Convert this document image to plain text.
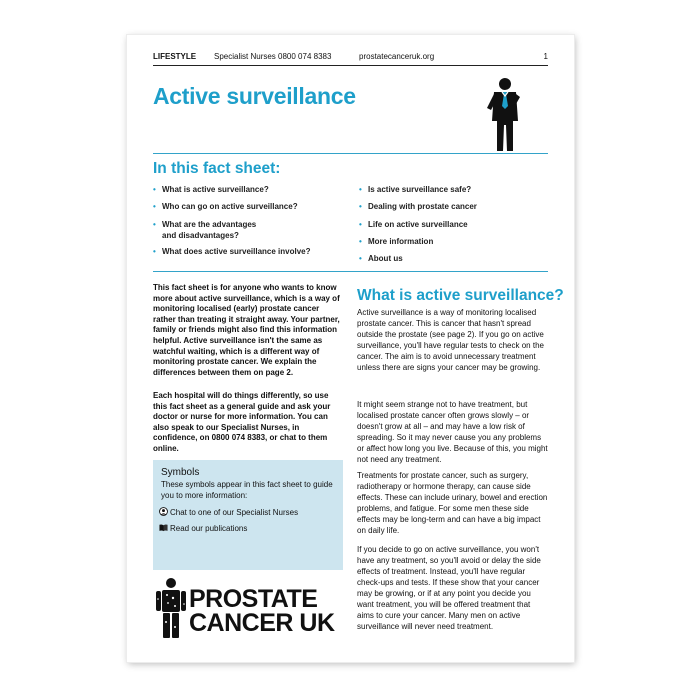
LIFESTYLE Specialist Nurses 0800 074 8383	prostatecanceruk.org	1
Active surveillance
In this fact sheet:
• What is active surveillance?
• Who can go on active surveillance?
• What are the advantages
and disadvantages?
• What does active surveillance involve?
• Is active surveillance safe?
• Dealing with prostate cancer
• Life on active surveillance
• More information
• About us

This fact sheet is for anyone who wants to know more about active surveillance, which is a way of monitoring localised (early) prostate cancer rather than treating it straight away. Your partner, family or friends might also find this information helpful. Active surveillance isn't the same as watchful waiting, which is a different way of monitoring prostate cancer. We explain the differences between them on page 2.

Each hospital will do things differently, so use this fact sheet as a general guide and ask your doctor or nurse for more information. You can also speak to our Specialist Nurses, in confidence, on 0800 074 8383, or chat to them online.

Symbols
These symbols appear in this fact sheet to guide you to more information:
Chat to one of our Specialist Nurses
Read our publications
PROSTATE
CANCER UK
What is active surveillance?

Active surveillance is a way of monitoring localised prostate cancer. This is cancer that hasn't spread outside the prostate (see page 2). If you go on active surveillance, you'll have regular tests to check on the cancer. The aim is to avoid unnecessary treatment unless there are signs your cancer may be growing.

It might seem strange not to have treatment, but localised prostate cancer often grows slowly – or doesn't grow at all – and may have a low risk of spreading. So it may never cause you any problems or affect how long you live. Because of this, you might not need any treatment.

Treatments for prostate cancer, such as surgery, radiotherapy or hormone therapy, can cause side effects. These can include urinary, bowel and erection problems, and fatigue. For some men these side effects may be long-term and can have a big impact on daily life.

If you decide to go on active surveillance, you won't have any treatment, so you'll avoid or delay the side effects of treatment. Instead, you'll have regular check-ups and tests. If these show that your cancer may be growing, or if at any point you decide you want treatment, you will be offered treatment that aims to cure your cancer. Many men on active surveillance will never need treatment.
